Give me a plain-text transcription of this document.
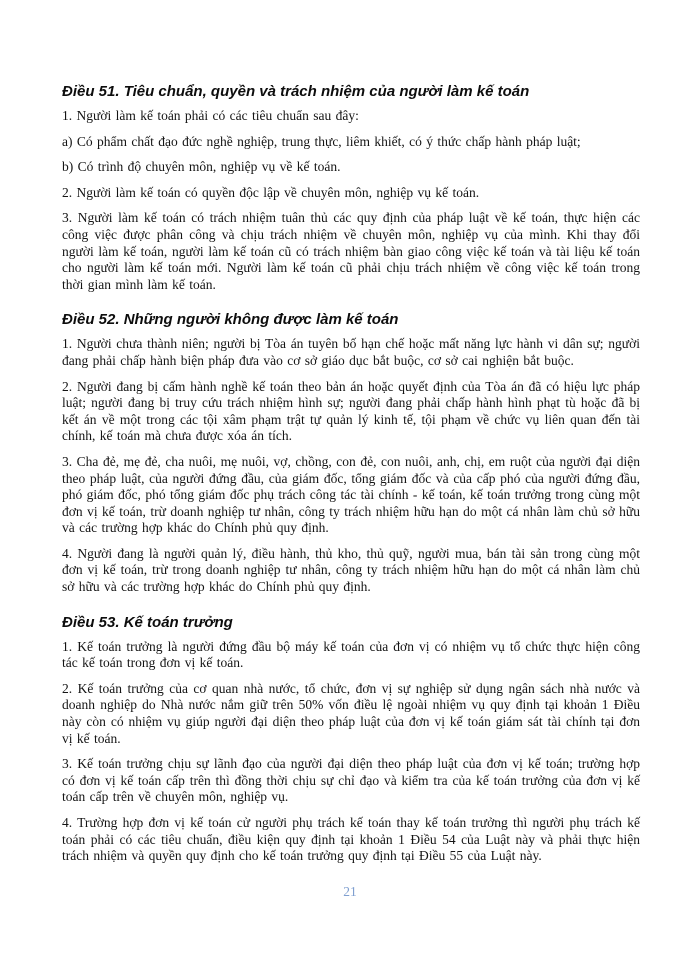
Điều 51. Tiêu chuẩn, quyền và trách nhiệm của người làm kế toán

1. Người làm kế toán phải có các tiêu chuẩn sau đây:

a) Có phẩm chất đạo đức nghề nghiệp, trung thực, liêm khiết, có ý thức chấp hành pháp luật;

b) Có trình độ chuyên môn, nghiệp vụ về kế toán.

2. Người làm kế toán có quyền độc lập về chuyên môn, nghiệp vụ kế toán.

3. Người làm kế toán có trách nhiệm tuân thủ các quy định của pháp luật về kế toán, thực hiện các công việc được phân công và chịu trách nhiệm về chuyên môn, nghiệp vụ của mình. Khi thay đổi người làm kế toán, người làm kế toán cũ có trách nhiệm bàn giao công việc kế toán và tài liệu kế toán cho người làm kế toán mới. Người làm kế toán cũ phải chịu trách nhiệm về công việc kế toán trong thời gian mình làm kế toán.

Điều 52. Những người không được làm kế toán

1. Người chưa thành niên; người bị Tòa án tuyên bố hạn chế hoặc mất năng lực hành vi dân sự; người đang phải chấp hành biện pháp đưa vào cơ sở giáo dục bắt buộc, cơ sở cai nghiện bắt buộc.

2. Người đang bị cấm hành nghề kế toán theo bản án hoặc quyết định của Tòa án đã có hiệu lực pháp luật; người đang bị truy cứu trách nhiệm hình sự; người đang phải chấp hành hình phạt tù hoặc đã bị kết án về một trong các tội xâm phạm trật tự quản lý kinh tế, tội phạm về chức vụ liên quan đến tài chính, kế toán mà chưa được xóa án tích.

3. Cha đẻ, mẹ đẻ, cha nuôi, mẹ nuôi, vợ, chồng, con đẻ, con nuôi, anh, chị, em ruột của người đại diện theo pháp luật, của người đứng đầu, của giám đốc, tổng giám đốc và của cấp phó của người đứng đầu, phó giám đốc, phó tổng giám đốc phụ trách công tác tài chính - kế toán, kế toán trưởng trong cùng một đơn vị kế toán, trừ doanh nghiệp tư nhân, công ty trách nhiệm hữu hạn do một cá nhân làm chủ sở hữu và các trường hợp khác do Chính phủ quy định.

4. Người đang là người quản lý, điều hành, thủ kho, thủ quỹ, người mua, bán tài sản trong cùng một đơn vị kế toán, trừ trong doanh nghiệp tư nhân, công ty trách nhiệm hữu hạn do một cá nhân làm chủ sở hữu và các trường hợp khác do Chính phủ quy định.

Điều 53. Kế toán trưởng

1. Kế toán trưởng là người đứng đầu bộ máy kế toán của đơn vị có nhiệm vụ tổ chức thực hiện công tác kế toán trong đơn vị kế toán.

2. Kế toán trưởng của cơ quan nhà nước, tổ chức, đơn vị sự nghiệp sử dụng ngân sách nhà nước và doanh nghiệp do Nhà nước nắm giữ trên 50% vốn điều lệ ngoài nhiệm vụ quy định tại khoản 1 Điều này còn có nhiệm vụ giúp người đại diện theo pháp luật của đơn vị kế toán giám sát tài chính tại đơn vị kế toán.

3. Kế toán trưởng chịu sự lãnh đạo của người đại diện theo pháp luật của đơn vị kế toán; trường hợp có đơn vị kế toán cấp trên thì đồng thời chịu sự chỉ đạo và kiểm tra của kế toán trưởng của đơn vị kế toán cấp trên về chuyên môn, nghiệp vụ.

4. Trường hợp đơn vị kế toán cử người phụ trách kế toán thay kế toán trưởng thì người phụ trách kế toán phải có các tiêu chuẩn, điều kiện quy định tại khoản 1 Điều 54 của Luật này và phải thực hiện trách nhiệm và quyền quy định cho kế toán trưởng quy định tại Điều 55 của Luật này.

21
